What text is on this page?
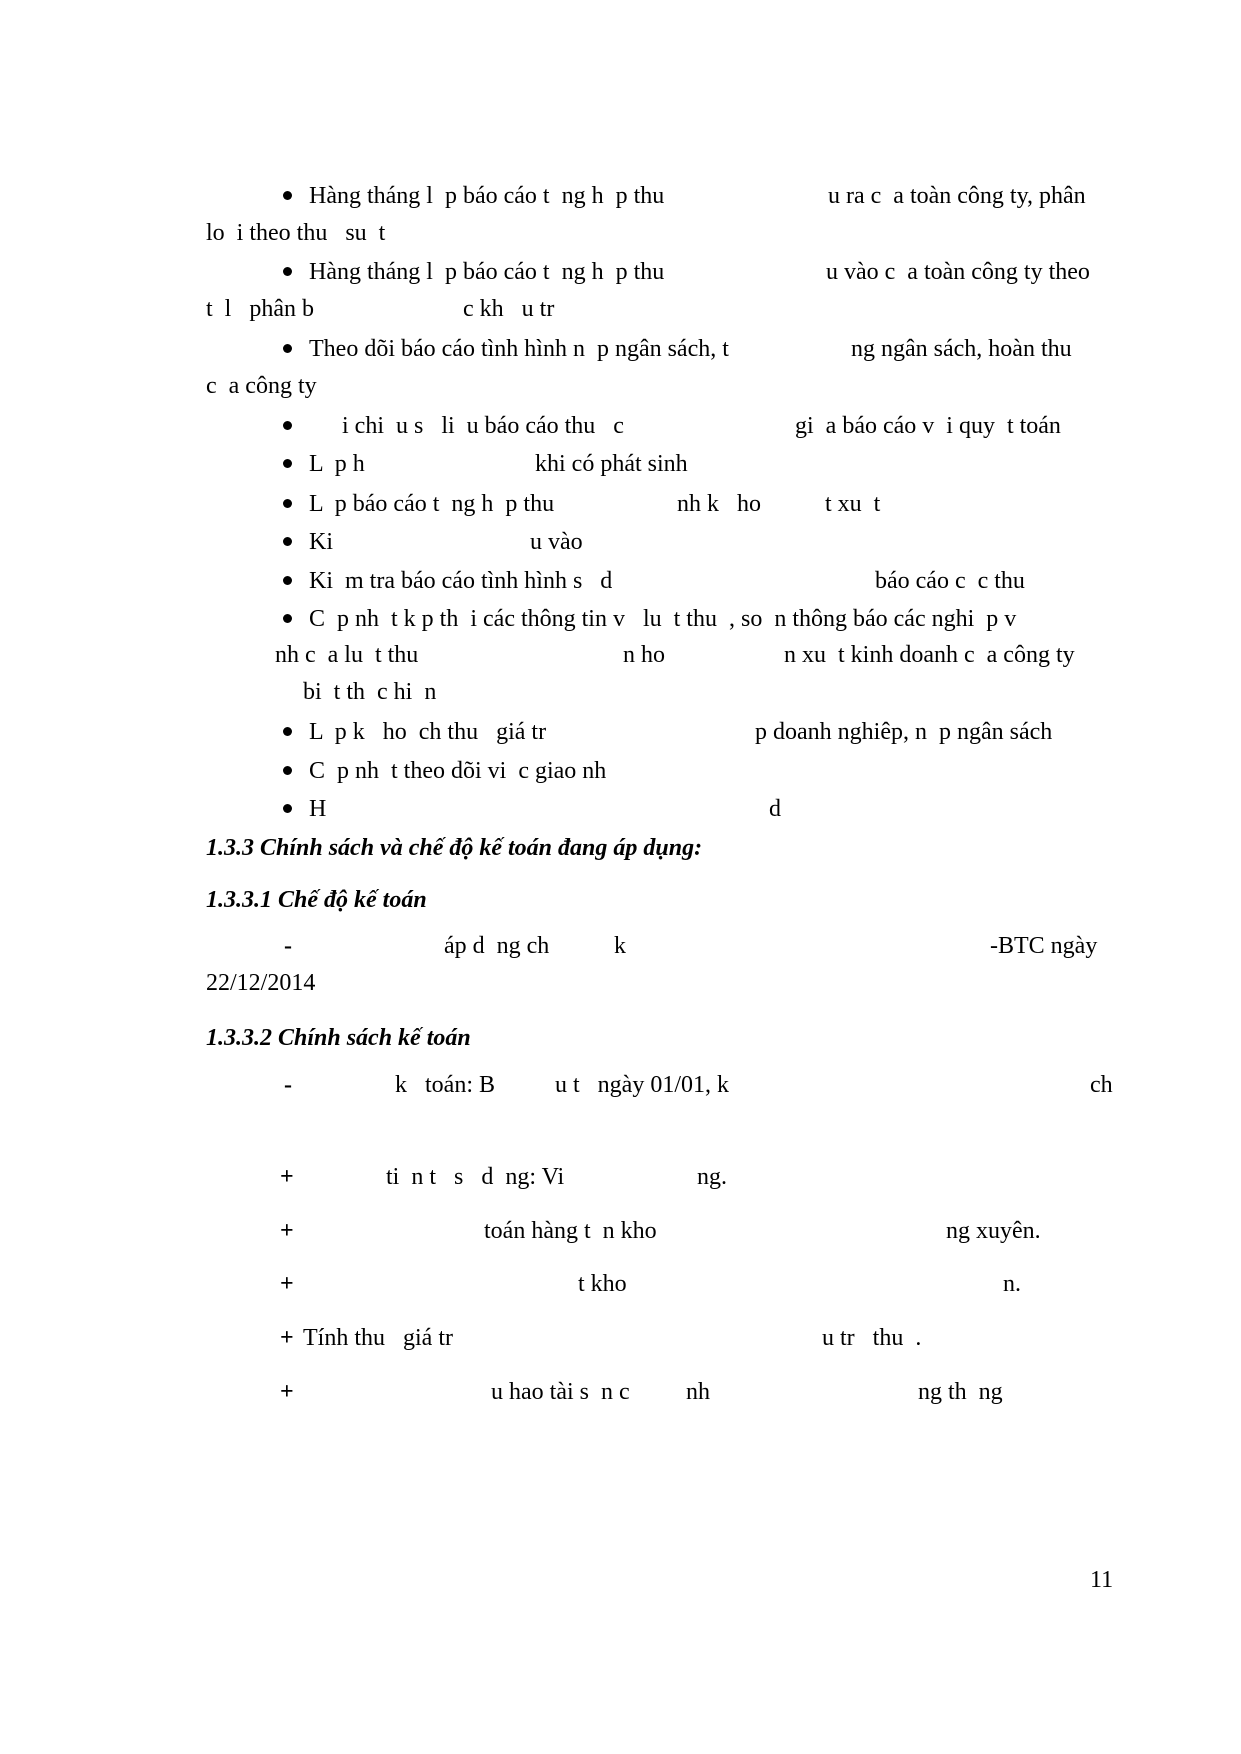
Hàng tháng l  p báo cáo t  ng h  p thu	u ra c  a toàn công ty, phân
lo  i theo thu   su  t
Hàng tháng l  p báo cáo t  ng h  p thu	u vào c  a toàn công ty theo
t  l   phân b	c kh   u tr
Theo dõi báo cáo tình hình n  p ngân sách, t	ng ngân sách, hoàn thu
c  a công ty
i chi  u s   li  u báo cáo thu   c	gi  a báo cáo v  i quy  t toán
L  p h	khi có phát sinh
L  p báo cáo t  ng h  p thu	nh k   ho	t xu  t
Ki	u vào
Ki  m tra báo cáo tình hình s   d	báo cáo c  c thu
C  p nh  t k p th  i các thông tin v   lu  t thu  , so  n thông báo các nghi  p v
nh c  a lu  t thu	n ho	n xu  t kinh doanh c  a công ty
bi  t th  c hi  n
L  p k   ho  ch thu   giá tr	p doanh nghiêp, n  p ngân sách
C  p nh  t theo dõi vi  c giao nh
H	d
1.3.3 Chính sách và chế độ kế toán đang áp dụng:
1.3.3.1 Chế độ kế toán
-	áp d  ng ch	k	-BTC ngày
22/12/2014
1.3.3.2 Chính sách kế toán
-	k   toán: B	u t   ngày 01/01, k	ch
+	ti  n t   s   d  ng: Vi	ng.
+	toán hàng t  n kho	ng xuyên.
+	t kho	n.
+ Tính thu   giá tr	u tr   thu  .
+	u hao tài s  n c nh	ng th  ng
11
